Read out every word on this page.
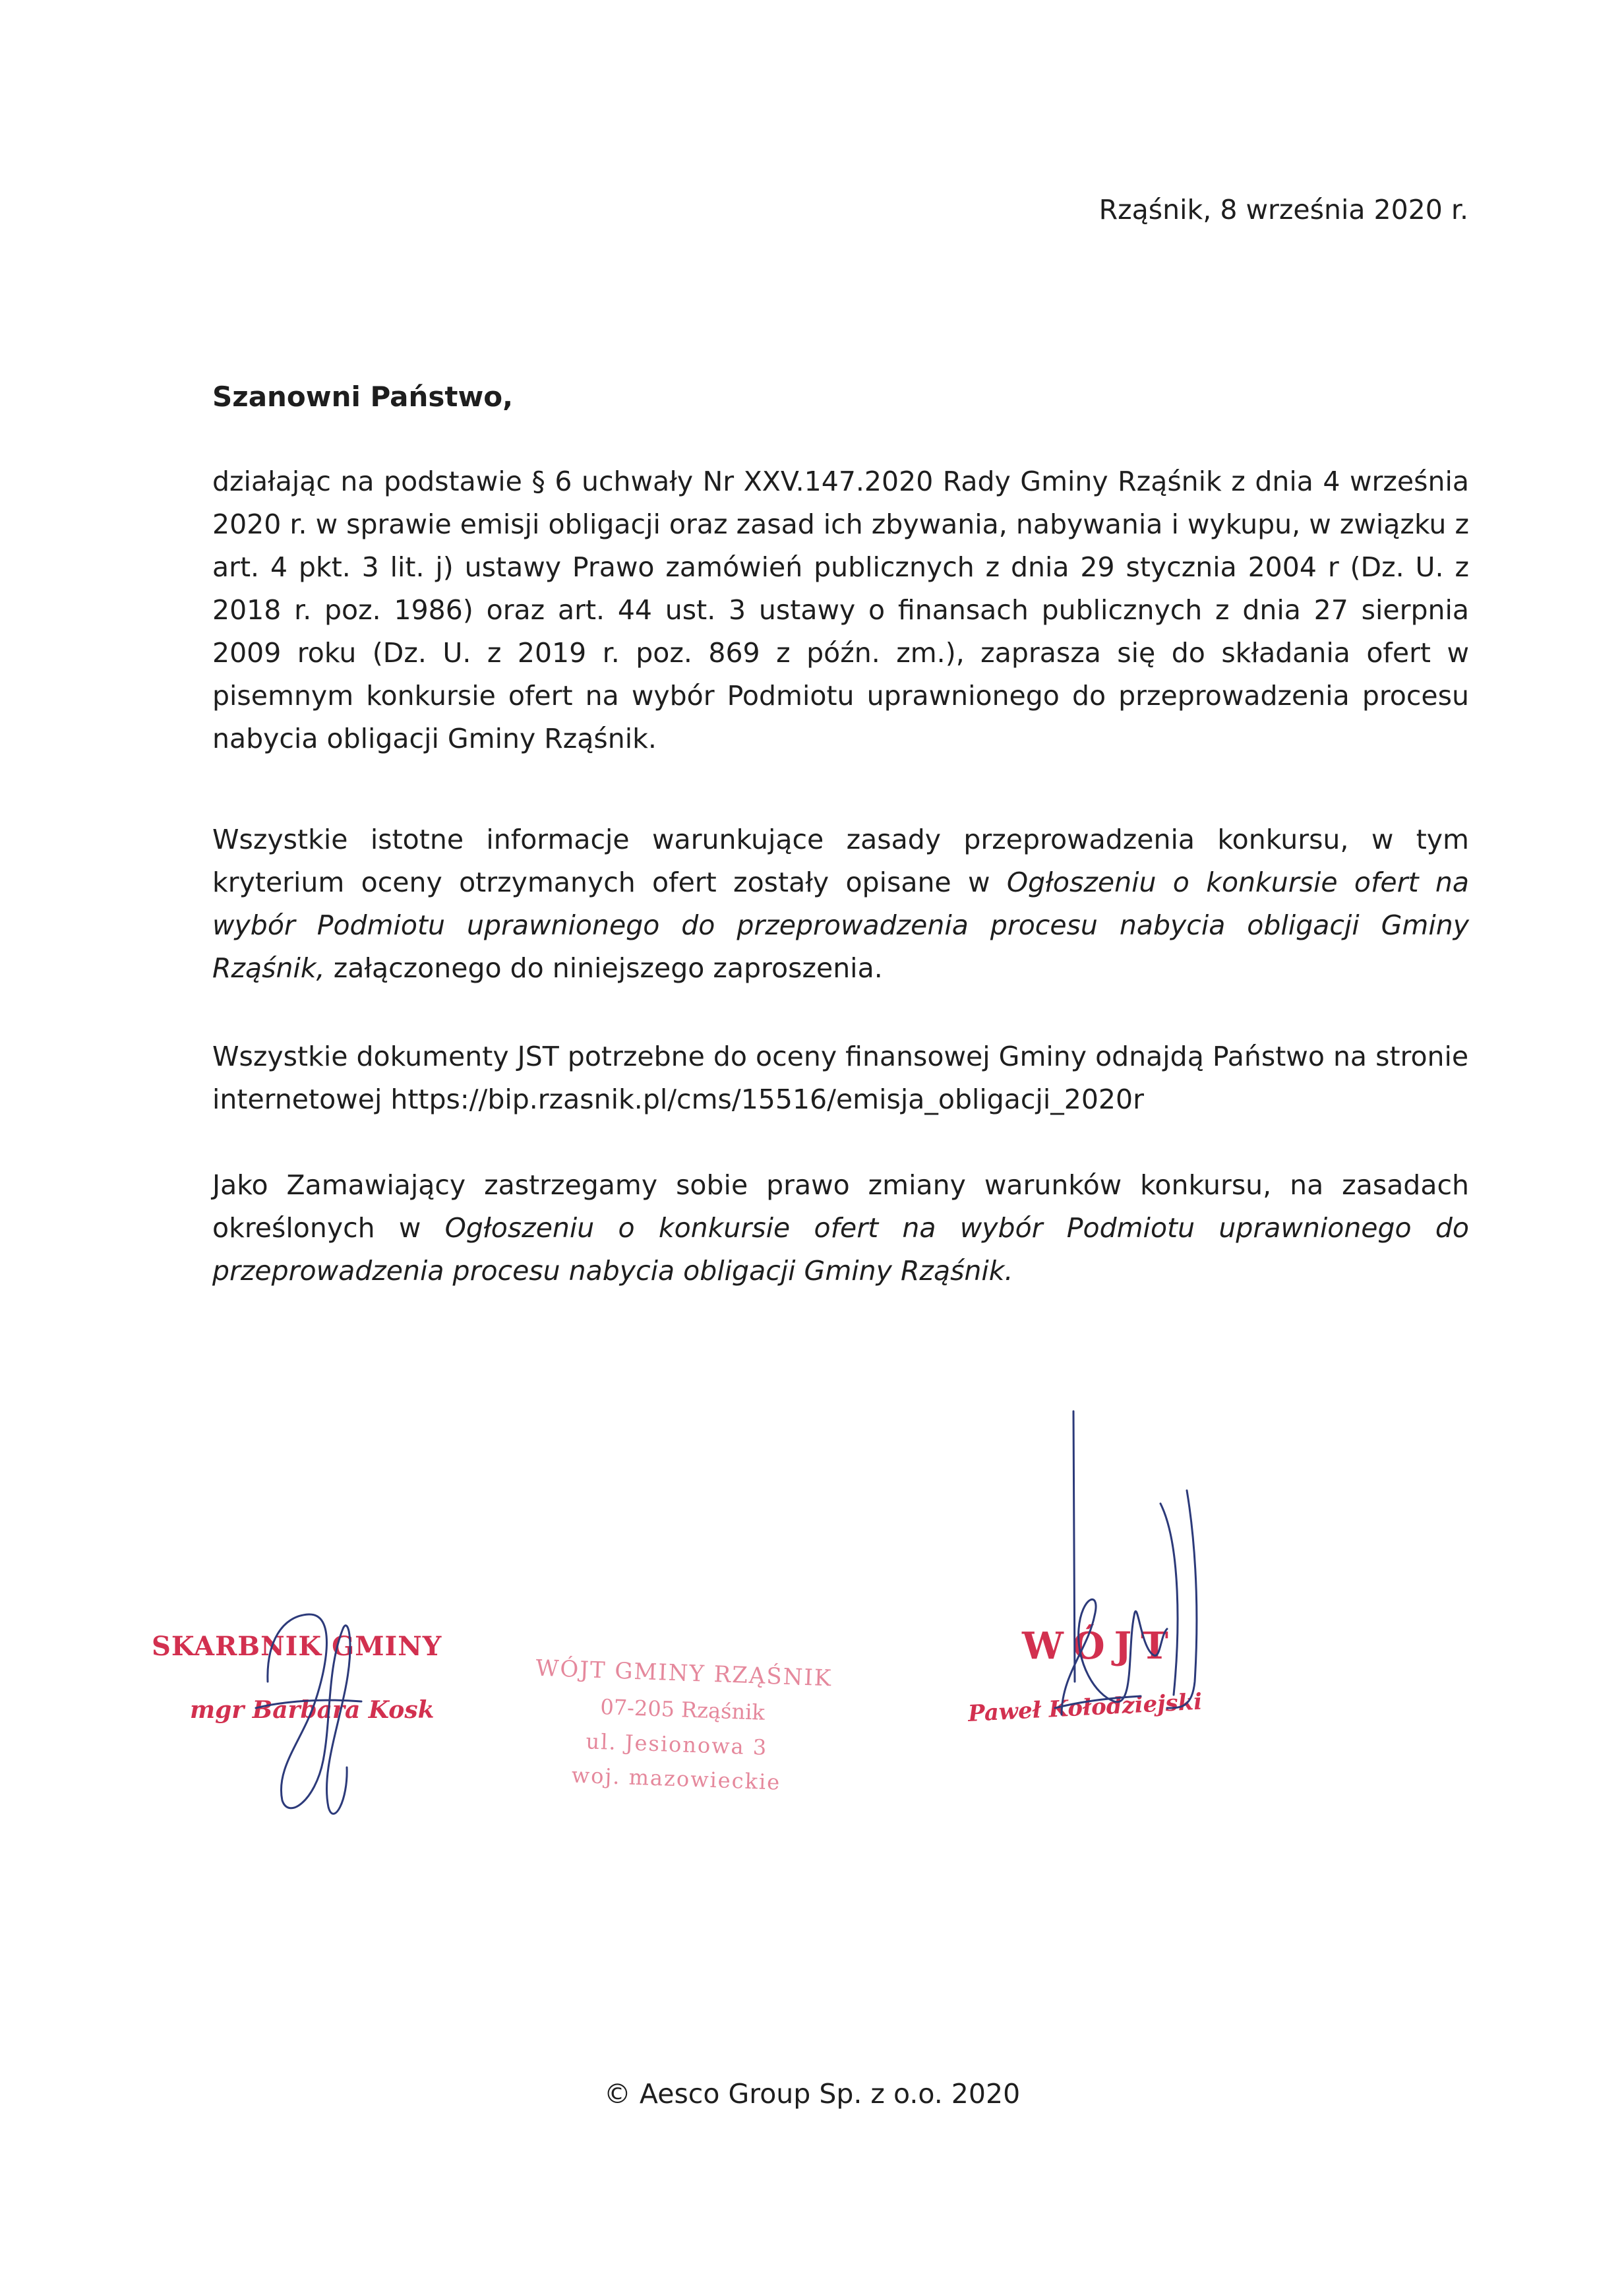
Rząśnik, 8 września 2020 r.
Szanowni Państwo,

działając na podstawie § 6 uchwały Nr XXV.147.2020 Rady Gminy Rząśnik z dnia 4 września 2020 r. w sprawie emisji obligacji oraz zasad ich zbywania, nabywania i wykupu, w związku z art. 4 pkt. 3 lit. j) ustawy Prawo zamówień publicznych z dnia 29 stycznia 2004 r (Dz. U. z 2018 r. poz. 1986) oraz art. 44 ust. 3 ustawy o finansach publicznych z dnia 27 sierpnia 2009 roku (Dz. U. z 2019 r. poz. 869 z późn. zm.), zaprasza się do składania ofert w pisemnym konkursie ofert na wybór Podmiotu uprawnionego do przeprowadzenia procesu nabycia obligacji Gminy Rząśnik.

Wszystkie istotne informacje warunkujące zasady przeprowadzenia konkursu, w tym kryterium oceny otrzymanych ofert zostały opisane w Ogłoszeniu o konkursie ofert na wybór Podmiotu uprawnionego do przeprowadzenia procesu nabycia obligacji Gminy Rząśnik, załączonego do niniejszego zaproszenia.

Wszystkie dokumenty JST potrzebne do oceny finansowej Gminy odnajdą Państwo na stronie internetowej https://bip.rzasnik.pl/cms/15516/emisja_obligacji_2020r

Jako Zamawiający zastrzegamy sobie prawo zmiany warunków konkursu, na zasadach określonych w Ogłoszeniu o konkursie ofert na wybór Podmiotu uprawnionego do przeprowadzenia procesu nabycia obligacji Gminy Rząśnik.

SKARBNIK GMINY
mgr Barbara Kosk
WÓJT GMINY RZĄŚNIK
07-205 Rząśnik
ul. Jesionowa 3
woj. mazowieckie
WÓJT
Paweł Kołodziejski
© Aesco Group Sp. z o.o. 2020
